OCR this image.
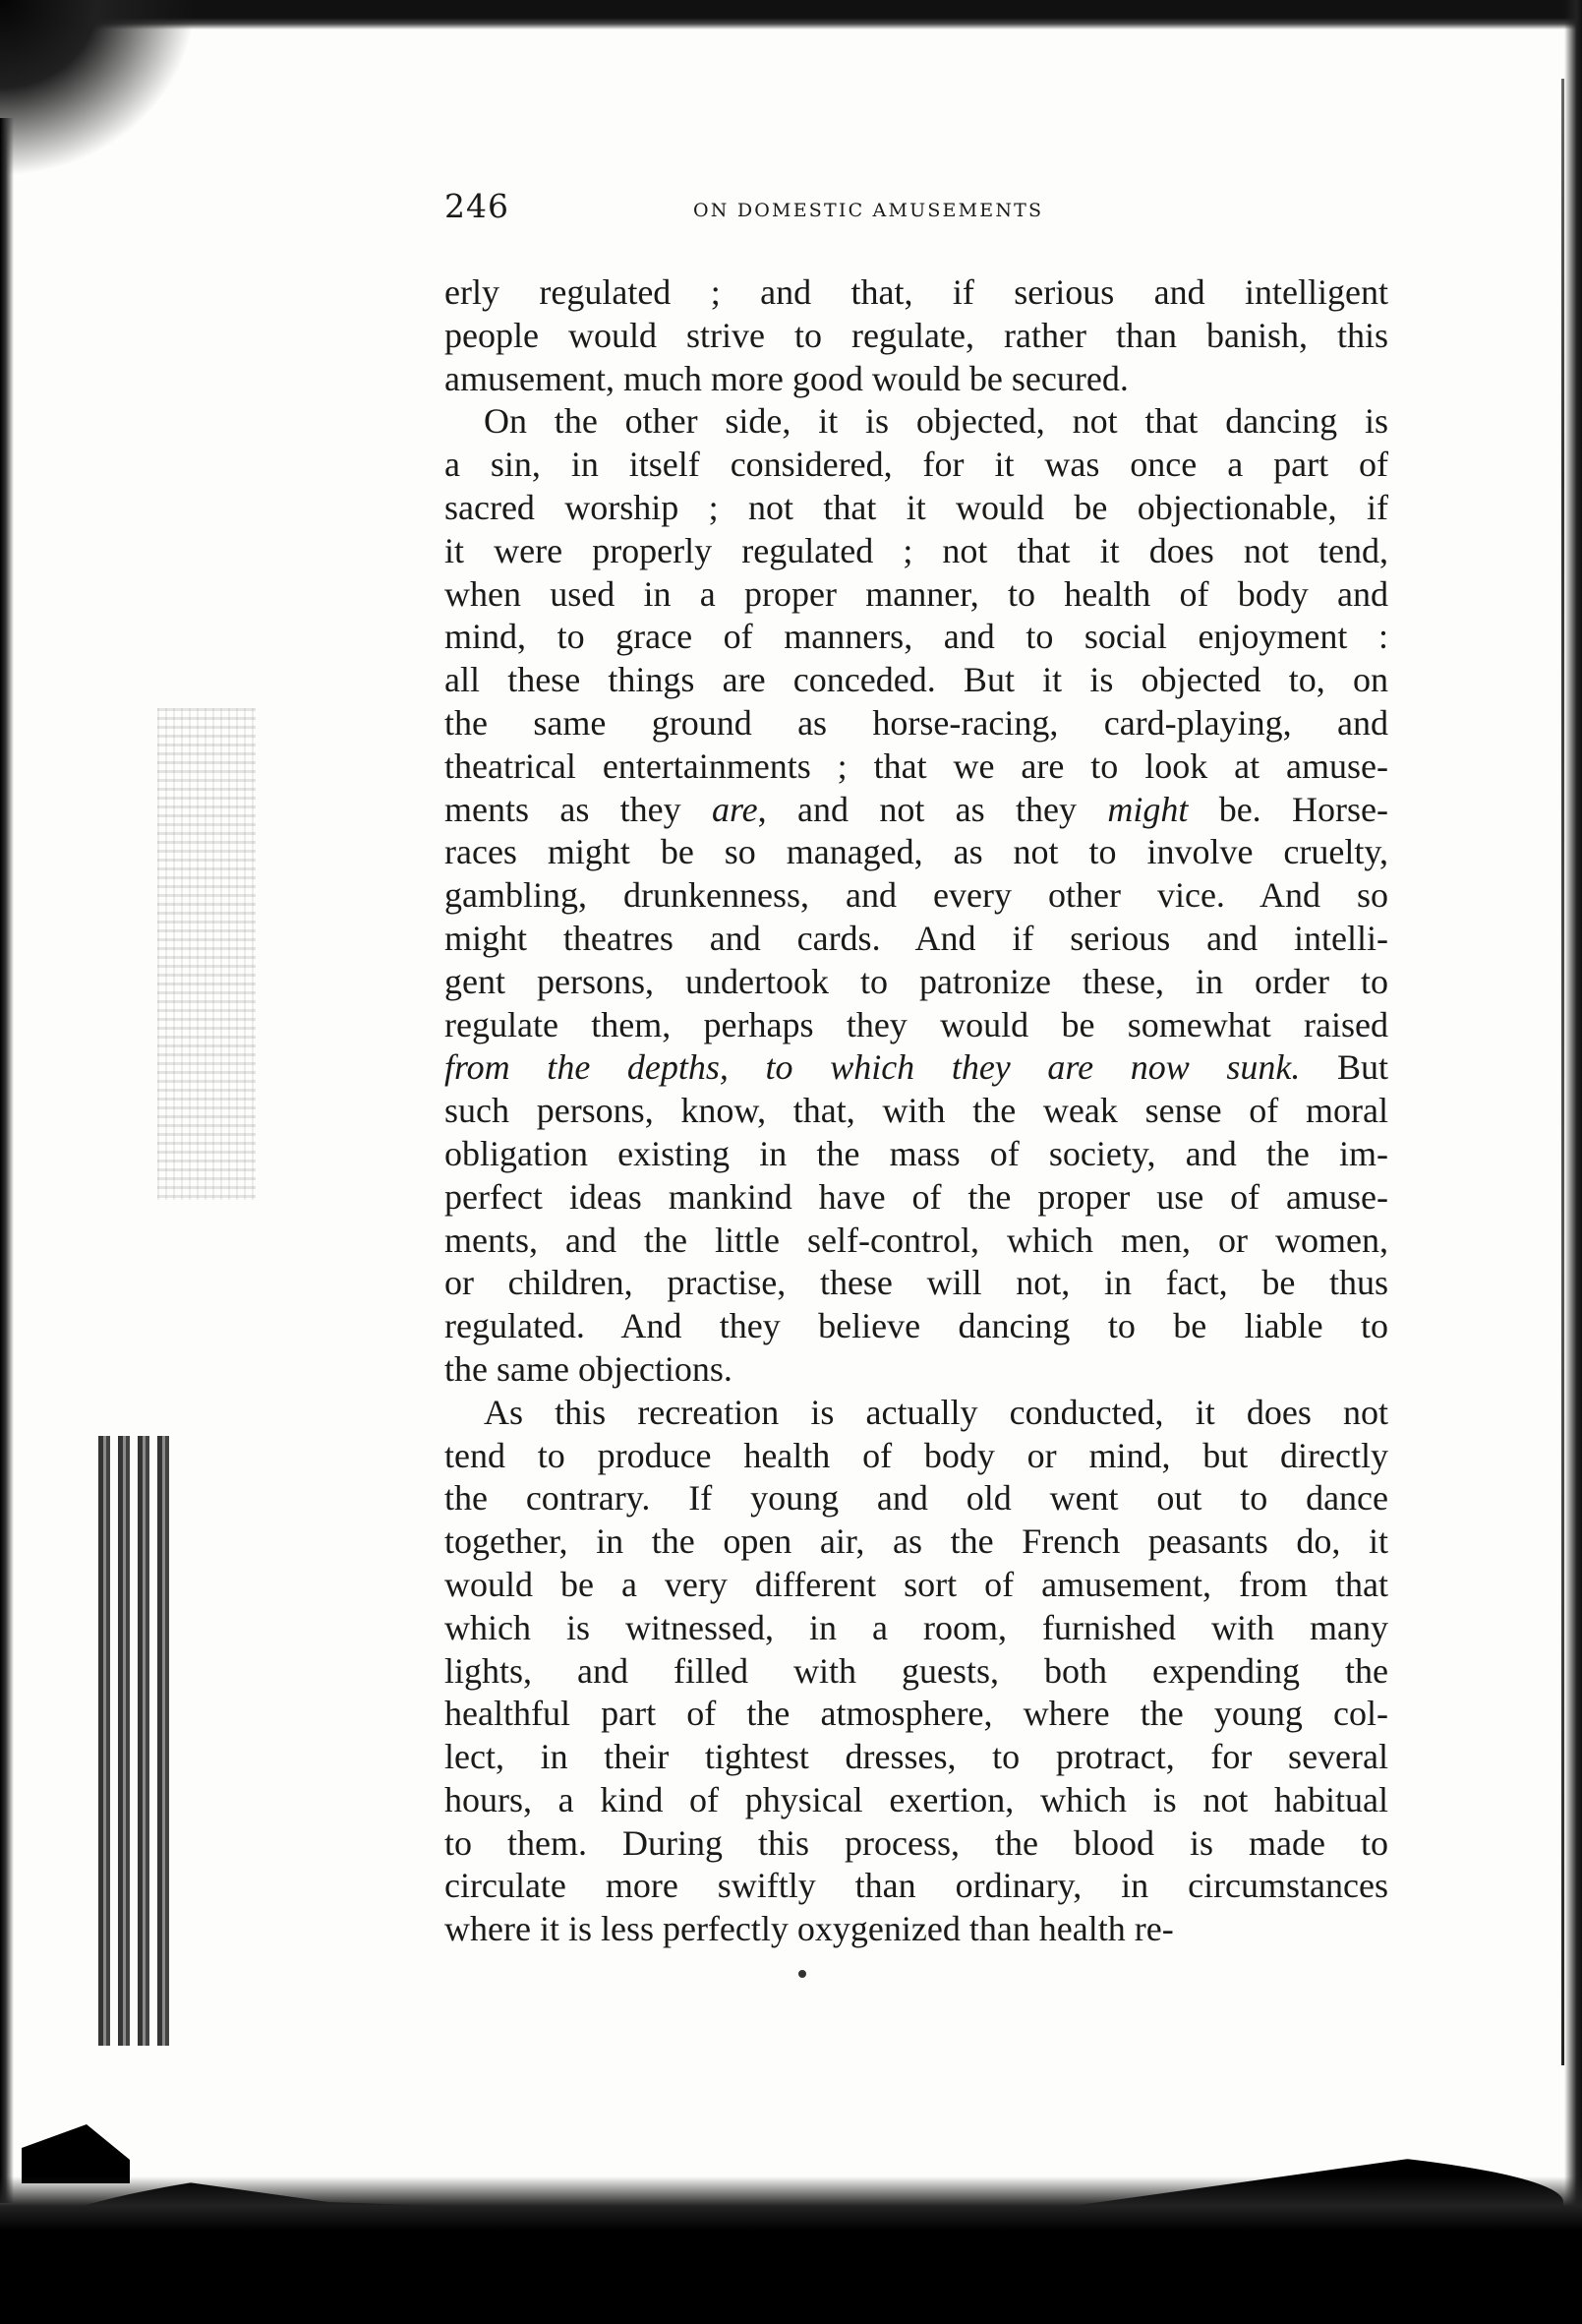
246	ON DOMESTIC AMUSEMENTS

erly regulated ; and that, if serious and intelligent
people would strive to regulate, rather than banish, this
amusement, much more good would be secured.

On the other side, it is objected, not that dancing is
a sin, in itself considered, for it was once a part of
sacred worship ; not that it would be objectionable, if
it were properly regulated ; not that it does not tend,
when used in a proper manner, to health of body and
mind, to grace of manners, and to social enjoyment :
all these things are conceded. But it is objected to, on
the same ground as horse-racing, card-playing, and
theatrical entertainments ; that we are to look at amuse-
ments as they are, and not as they might be. Horse-
races might be so managed, as not to involve cruelty,
gambling, drunkenness, and every other vice. And so
might theatres and cards. And if serious and intelli-
gent persons, undertook to patronize these, in order to
regulate them, perhaps they would be somewhat raised
from the depths, to which they are now sunk. But
such persons, know, that, with the weak sense of moral
obligation existing in the mass of society, and the im-
perfect ideas mankind have of the proper use of amuse-
ments, and the little self-control, which men, or women,
or children, practise, these will not, in fact, be thus
regulated. And they believe dancing to be liable to
the same objections.

As this recreation is actually conducted, it does not
tend to produce health of body or mind, but directly
the contrary. If young and old went out to dance
together, in the open air, as the French peasants do, it
would be a very different sort of amusement, from that
which is witnessed, in a room, furnished with many
lights, and filled with guests, both expending the
healthful part of the atmosphere, where the young col-
lect, in their tightest dresses, to protract, for several
hours, a kind of physical exertion, which is not habitual
to them. During this process, the blood is made to
circulate more swiftly than ordinary, in circumstances
where it is less perfectly oxygenized than health re-
